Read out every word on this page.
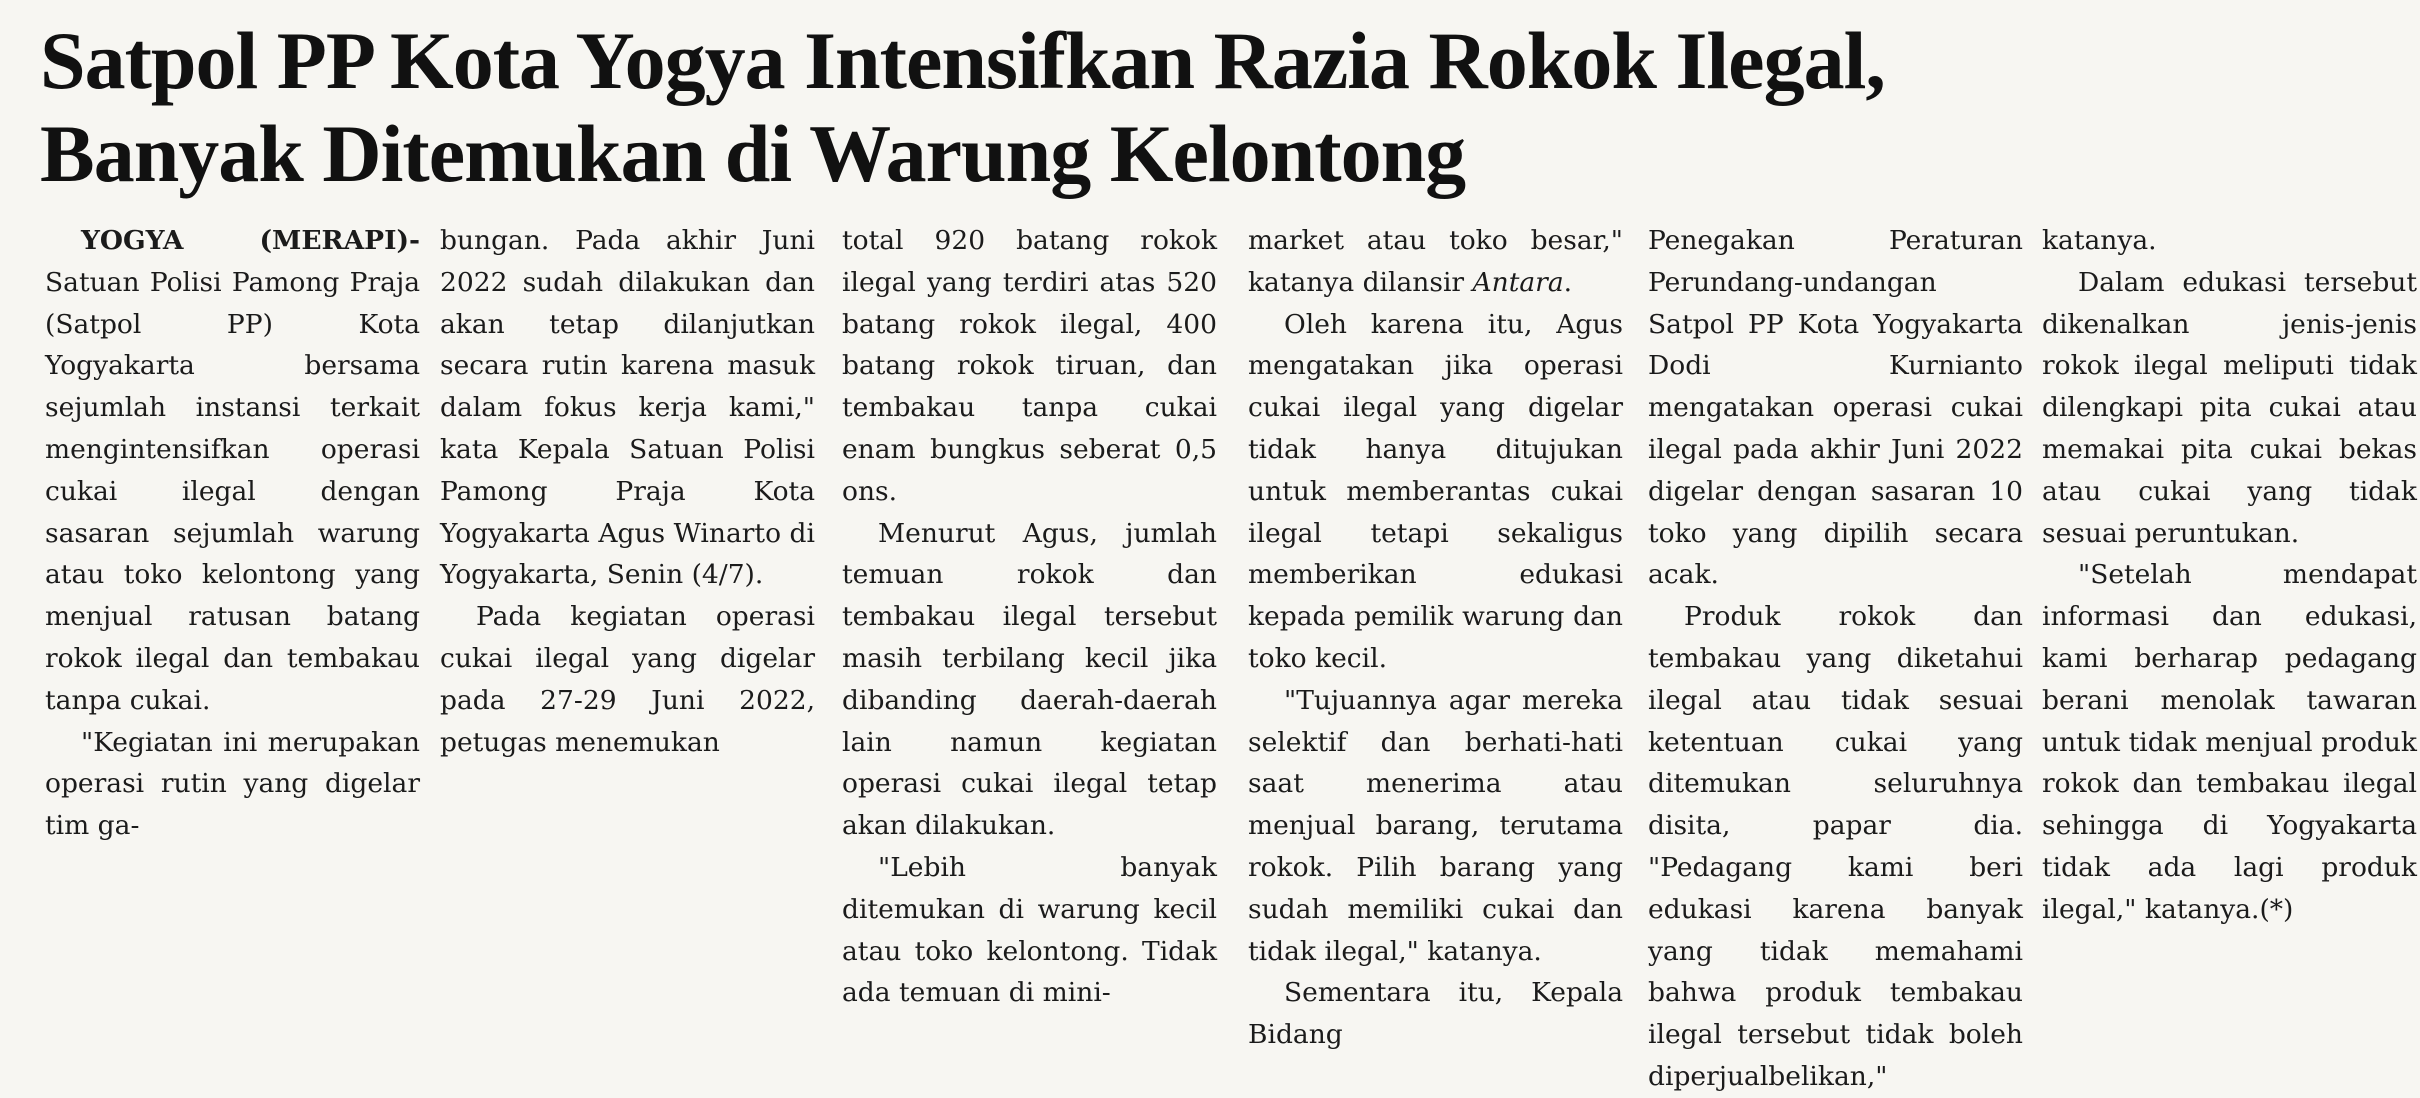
Satpol PP Kota Yogya Intensifkan Razia Rokok Ilegal,
Banyak Ditemukan di Warung Kelontong

YOGYA (MERAPI)- Satuan Polisi Pamong Praja (Satpol PP) Kota Yogyakarta bersama sejumlah instansi terkait mengintensifkan operasi cukai ilegal dengan sasaran sejumlah warung atau toko kelontong yang menjual ratusan batang rokok ilegal dan tembakau tanpa cukai.

"Kegiatan ini merupakan operasi rutin yang digelar tim ga-

bungan. Pada akhir Juni 2022 sudah dilakukan dan akan tetap dilanjutkan secara rutin karena masuk dalam fokus kerja kami," kata Kepala Satuan Polisi Pamong Praja Kota Yogyakarta Agus Winarto di Yogyakarta, Senin (4/7).

Pada kegiatan operasi cukai ilegal yang digelar pada 27-29 Juni 2022, petugas menemukan

total 920 batang rokok ilegal yang terdiri atas 520 batang rokok ilegal, 400 batang rokok tiruan, dan tembakau tanpa cukai enam bungkus seberat 0,5 ons.

Menurut Agus, jumlah temuan rokok dan tembakau ilegal tersebut masih terbilang kecil jika dibanding daerah-daerah lain namun kegiatan operasi cukai ilegal tetap akan dilakukan.

"Lebih banyak ditemukan di warung kecil atau toko kelontong. Tidak ada temuan di mini-

market atau toko besar," katanya dilansir Antara.

Oleh karena itu, Agus mengatakan jika operasi cukai ilegal yang digelar tidak hanya ditujukan untuk memberantas cukai ilegal tetapi sekaligus memberikan edukasi kepada pemilik warung dan toko kecil.

"Tujuannya agar mereka selektif dan berhati-hati saat menerima atau menjual barang, terutama rokok. Pilih barang yang sudah memiliki cukai dan tidak ilegal," katanya.

Sementara itu, Kepala Bidang

Penegakan Peraturan Perundang-undangan Satpol PP Kota Yogyakarta Dodi Kurnianto mengatakan operasi cukai ilegal pada akhir Juni 2022 digelar dengan sasaran 10 toko yang dipilih secara acak.

Produk rokok dan tembakau yang diketahui ilegal atau tidak sesuai ketentuan cukai yang ditemukan seluruhnya disita, papar dia. "Pedagang kami beri edukasi karena banyak yang tidak memahami bahwa produk tembakau ilegal tersebut tidak boleh diperjualbelikan,"

katanya.

Dalam edukasi tersebut dikenalkan jenis-jenis rokok ilegal meliputi tidak dilengkapi pita cukai atau memakai pita cukai bekas atau cukai yang tidak sesuai peruntukan.

"Setelah mendapat informasi dan edukasi, kami berharap pedagang berani menolak tawaran untuk tidak menjual produk rokok dan tembakau ilegal sehingga di Yogyakarta tidak ada lagi produk ilegal," katanya.(*)
